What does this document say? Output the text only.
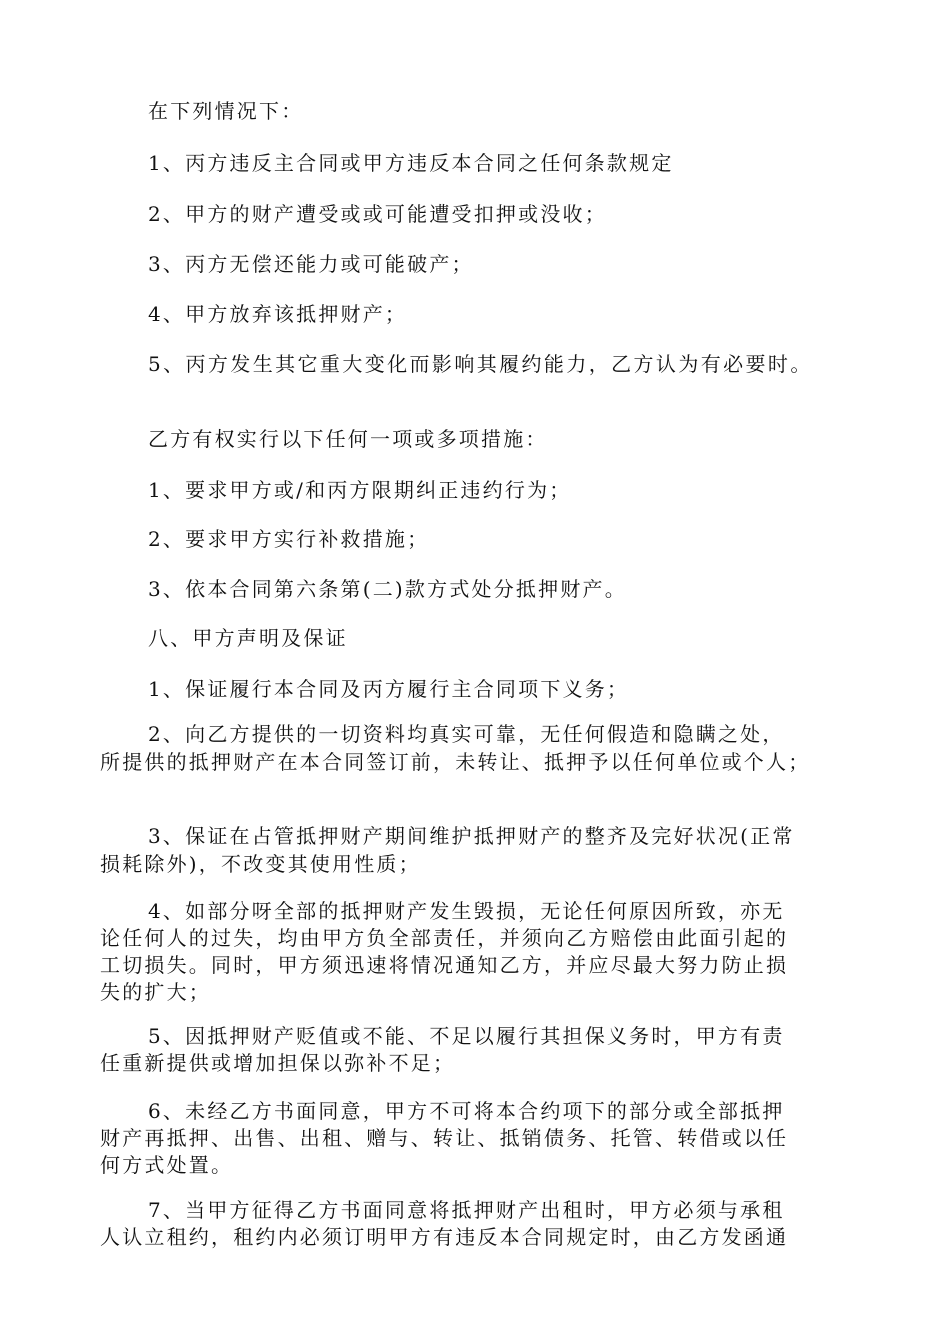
在下列情况下：
1、丙方违反主合同或甲方违反本合同之任何条款规定
2、甲方的财产遭受或或可能遭受扣押或没收；
3、丙方无偿还能力或可能破产；
4、甲方放弃该抵押财产；
5、丙方发生其它重大变化而影响其履约能力，乙方认为有必要时。
乙方有权实行以下任何一项或多项措施：
1、要求甲方或/和丙方限期纠正违约行为；
2、要求甲方实行补救措施；
3、依本合同第六条第(二)款方式处分抵押财产。
八、甲方声明及保证
1、保证履行本合同及丙方履行主合同项下义务；
2、向乙方提供的一切资料均真实可靠，无任何假造和隐瞒之处，
所提供的抵押财产在本合同签订前，未转让、抵押予以任何单位或个人；
3、保证在占管抵押财产期间维护抵押财产的整齐及完好状况(正常
损耗除外)，不改变其使用性质；
4、如部分呀全部的抵押财产发生毁损，无论任何原因所致，亦无
论任何人的过失，均由甲方负全部责任，并须向乙方赔偿由此面引起的
工切损失。同时，甲方须迅速将情况通知乙方，并应尽最大努力防止损
失的扩大；
5、因抵押财产贬值或不能、不足以履行其担保义务时，甲方有责
任重新提供或增加担保以弥补不足；
6、未经乙方书面同意，甲方不可将本合约项下的部分或全部抵押
财产再抵押、出售、出租、赠与、转让、抵销债务、托管、转借或以任
何方式处置。
7、当甲方征得乙方书面同意将抵押财产出租时，甲方必须与承租
人认立租约，租约内必须订明甲方有违反本合同规定时，由乙方发函通
